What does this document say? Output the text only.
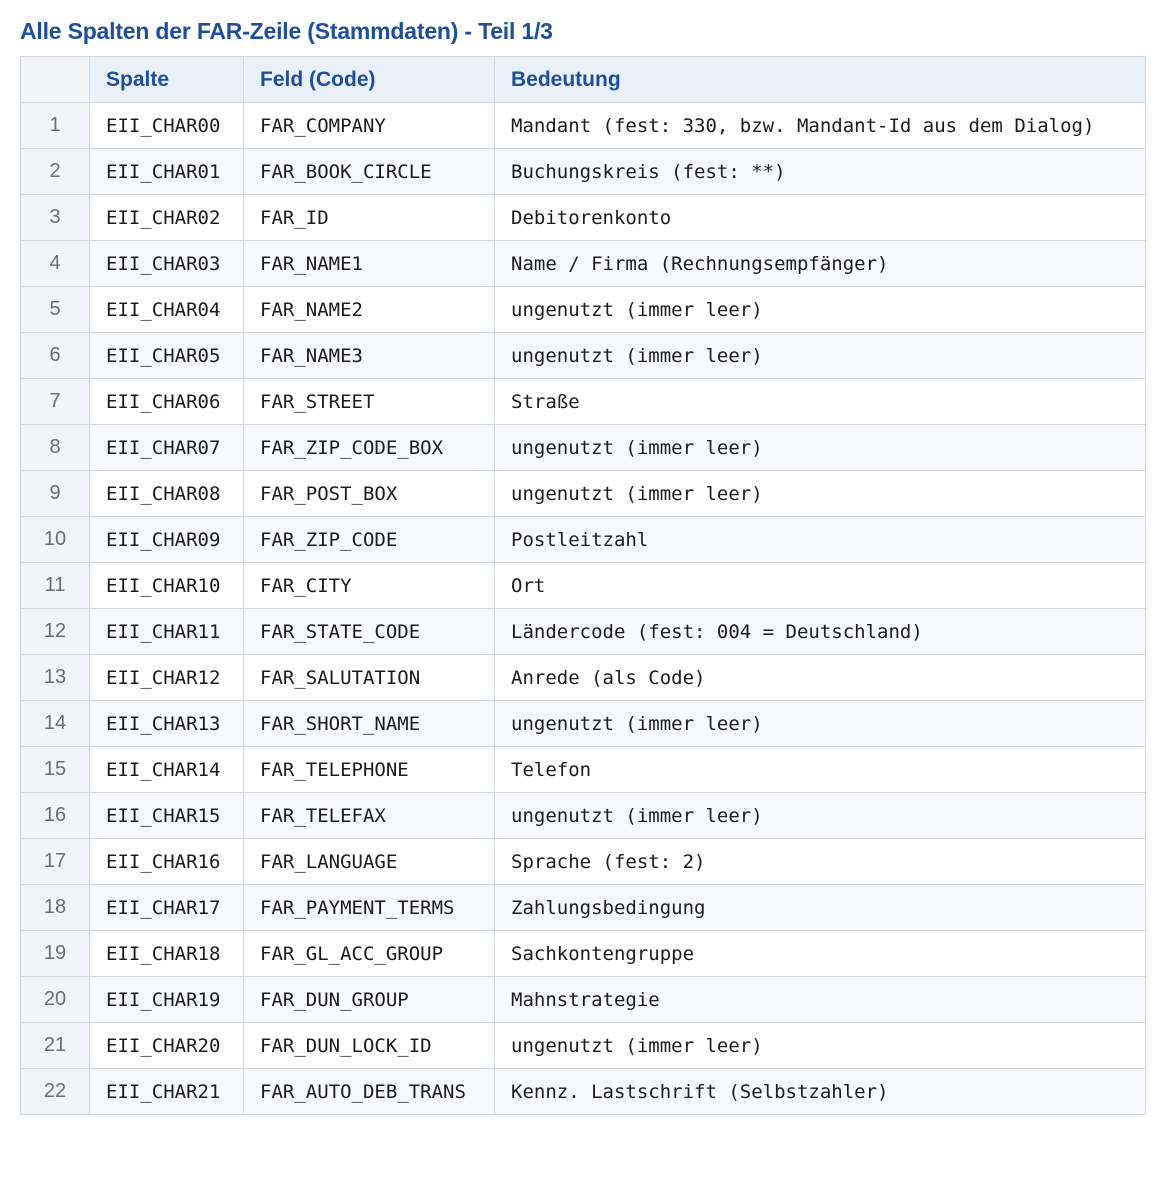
Alle Spalten der FAR-Zeile (Stammdaten) - Teil 1/3
	Spalte	Feld (Code)	Bedeutung
1	EII_CHAR00	FAR_COMPANY	Mandant (fest: 330, bzw. Mandant-Id aus dem Dialog)
2	EII_CHAR01	FAR_BOOK_CIRCLE	Buchungskreis (fest: **)
3	EII_CHAR02	FAR_ID	Debitorenkonto
4	EII_CHAR03	FAR_NAME1	Name / Firma (Rechnungsempfänger)
5	EII_CHAR04	FAR_NAME2	ungenutzt (immer leer)
6	EII_CHAR05	FAR_NAME3	ungenutzt (immer leer)
7	EII_CHAR06	FAR_STREET	Straße
8	EII_CHAR07	FAR_ZIP_CODE_BOX	ungenutzt (immer leer)
9	EII_CHAR08	FAR_POST_BOX	ungenutzt (immer leer)
10	EII_CHAR09	FAR_ZIP_CODE	Postleitzahl
11	EII_CHAR10	FAR_CITY	Ort
12	EII_CHAR11	FAR_STATE_CODE	Ländercode (fest: 004 = Deutschland)
13	EII_CHAR12	FAR_SALUTATION	Anrede (als Code)
14	EII_CHAR13	FAR_SHORT_NAME	ungenutzt (immer leer)
15	EII_CHAR14	FAR_TELEPHONE	Telefon
16	EII_CHAR15	FAR_TELEFAX	ungenutzt (immer leer)
17	EII_CHAR16	FAR_LANGUAGE	Sprache (fest: 2)
18	EII_CHAR17	FAR_PAYMENT_TERMS	Zahlungsbedingung
19	EII_CHAR18	FAR_GL_ACC_GROUP	Sachkontengruppe
20	EII_CHAR19	FAR_DUN_GROUP	Mahnstrategie
21	EII_CHAR20	FAR_DUN_LOCK_ID	ungenutzt (immer leer)
22	EII_CHAR21	FAR_AUTO_DEB_TRANS	Kennz. Lastschrift (Selbstzahler)
